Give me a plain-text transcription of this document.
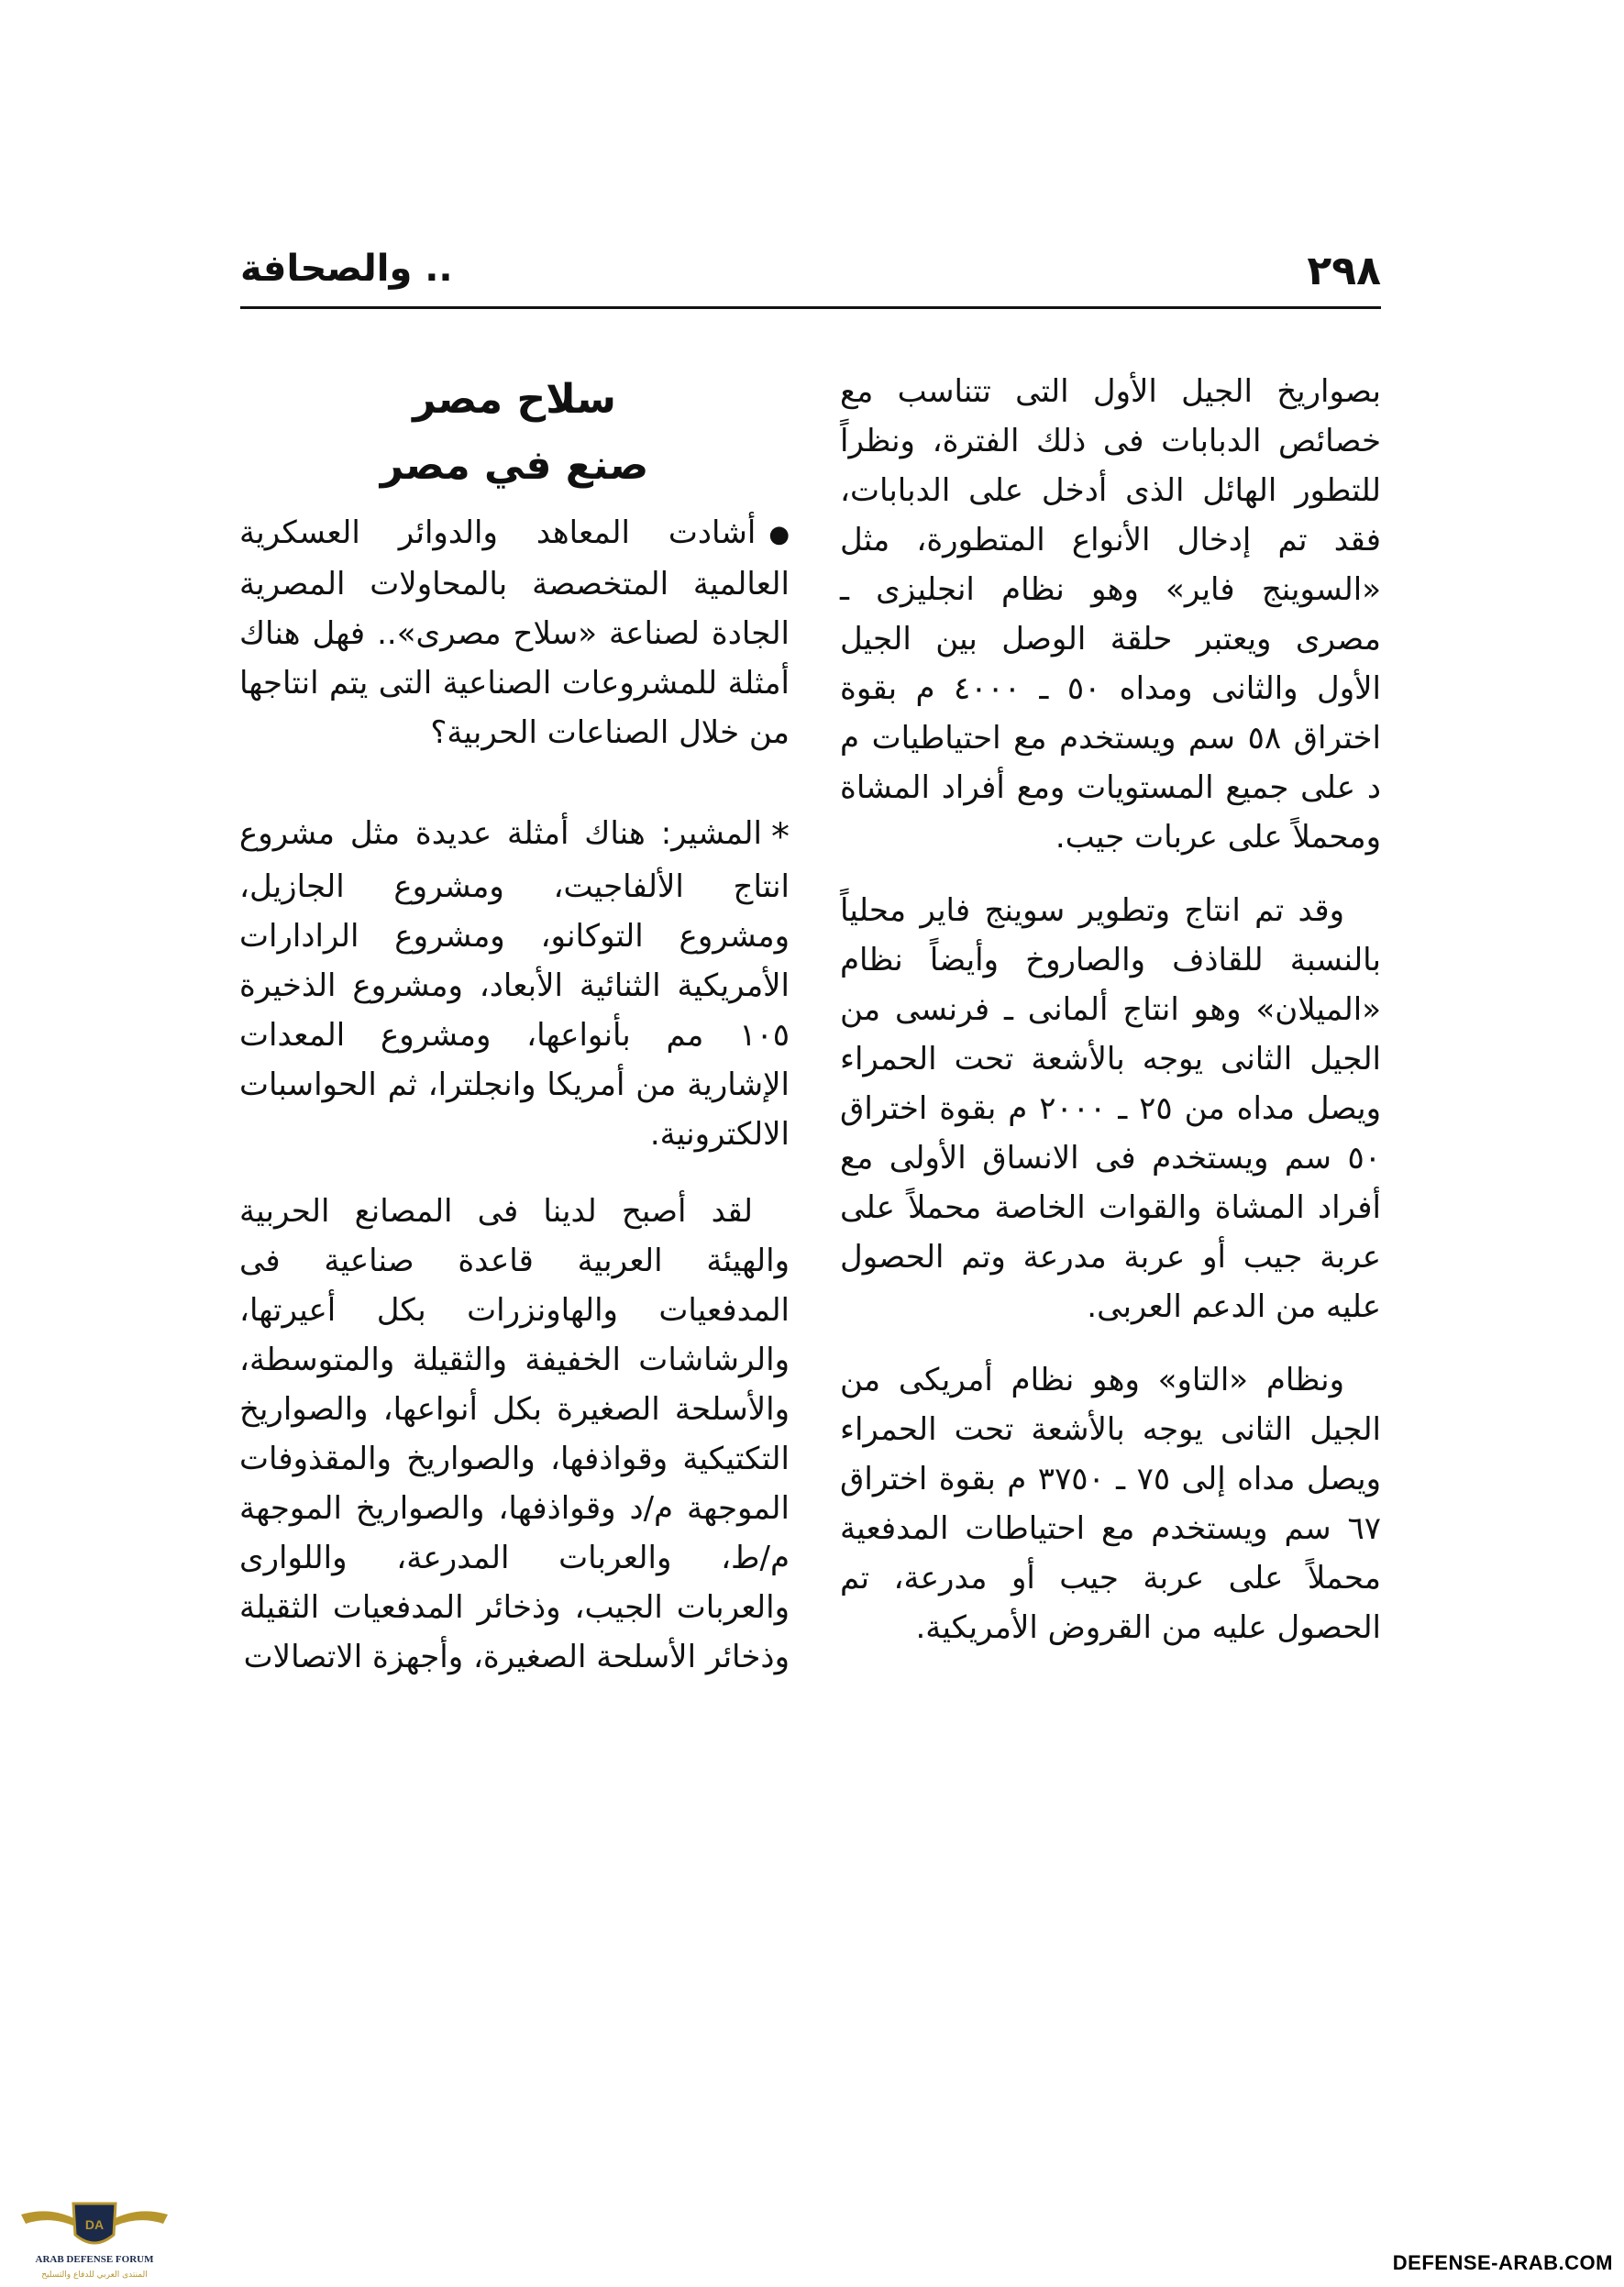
٢٩٨
.. والصحافة

بصواريخ الجيل الأول التى تتناسب مع خصائص الدبابات فى ذلك الفترة، ونظراً للتطور الهائل الذى أدخل على الدبابات، فقد تم إدخال الأنواع المتطورة، مثل «السوينج فاير» وهو نظام انجليزى ـ مصرى ويعتبر حلقة الوصل بين الجيل الأول والثانى ومداه ٥٠ ـ ٤٠٠٠ م بقوة اختراق ٥٨ سم ويستخدم مع احتياطيات م د على جميع المستويات ومع أفراد المشاة ومحملاً على عربات جيب.

وقد تم انتاج وتطوير سوينج فاير محلياً بالنسبة للقاذف والصاروخ وأيضاً نظام «الميلان» وهو انتاج ألمانى ـ فرنسى من الجيل الثانى يوجه بالأشعة تحت الحمراء ويصل مداه من ٢٥ ـ ٢٠٠٠ م بقوة اختراق ٥٠ سم ويستخدم فى الانساق الأولى مع أفراد المشاة والقوات الخاصة محملاً على عربة جيب أو عربة مدرعة وتم الحصول عليه من الدعم العربى.

ونظام «التاو» وهو نظام أمريكى من الجيل الثانى يوجه بالأشعة تحت الحمراء ويصل مداه إلى ٧٥ ـ ٣٧٥٠ م بقوة اختراق ٦٧ سم ويستخدم مع احتياطات المدفعية محملاً على عربة جيب أو مدرعة، تم الحصول عليه من القروض الأمريكية.

سلاح مصر

صنع في مصر

●أشادت المعاهد والدوائر العسكرية العالمية المتخصصة بالمحاولات المصرية الجادة لصناعة «سلاح مصرى».. فهل هناك أمثلة للمشروعات الصناعية التى يتم انتاجها من خلال الصناعات الحربية؟

*المشير: هناك أمثلة عديدة مثل مشروع انتاج الألفاجيت، ومشروع الجازيل، ومشروع التوكانو، ومشروع الرادارات الأمريكية الثنائية الأبعاد، ومشروع الذخيرة ١٠٥ مم بأنواعها، ومشروع المعدات الإشارية من أمريكا وانجلترا، ثم الحواسبات الالكترونية.

لقد أصبح لدينا فى المصانع الحربية والهيئة العربية قاعدة صناعية فى المدفعيات والهاونزرات بكل أعيرتها، والرشاشات الخفيفة والثقيلة والمتوسطة، والأسلحة الصغيرة بكل أنواعها، والصواريخ التكتيكية وقواذفها، والصواريخ والمقذوفات الموجهة م/د وقواذفها، والصواريخ الموجهة م/ط، والعربات المدرعة، واللوارى والعربات الجيب، وذخائر المدفعيات الثقيلة وذخائر الأسلحة الصغيرة، وأجهزة الاتصالات

DA
ARAB DEFENSE FORUM
المنتدى العربي للدفاع والتسليح
DEFENSE-ARAB.COM
